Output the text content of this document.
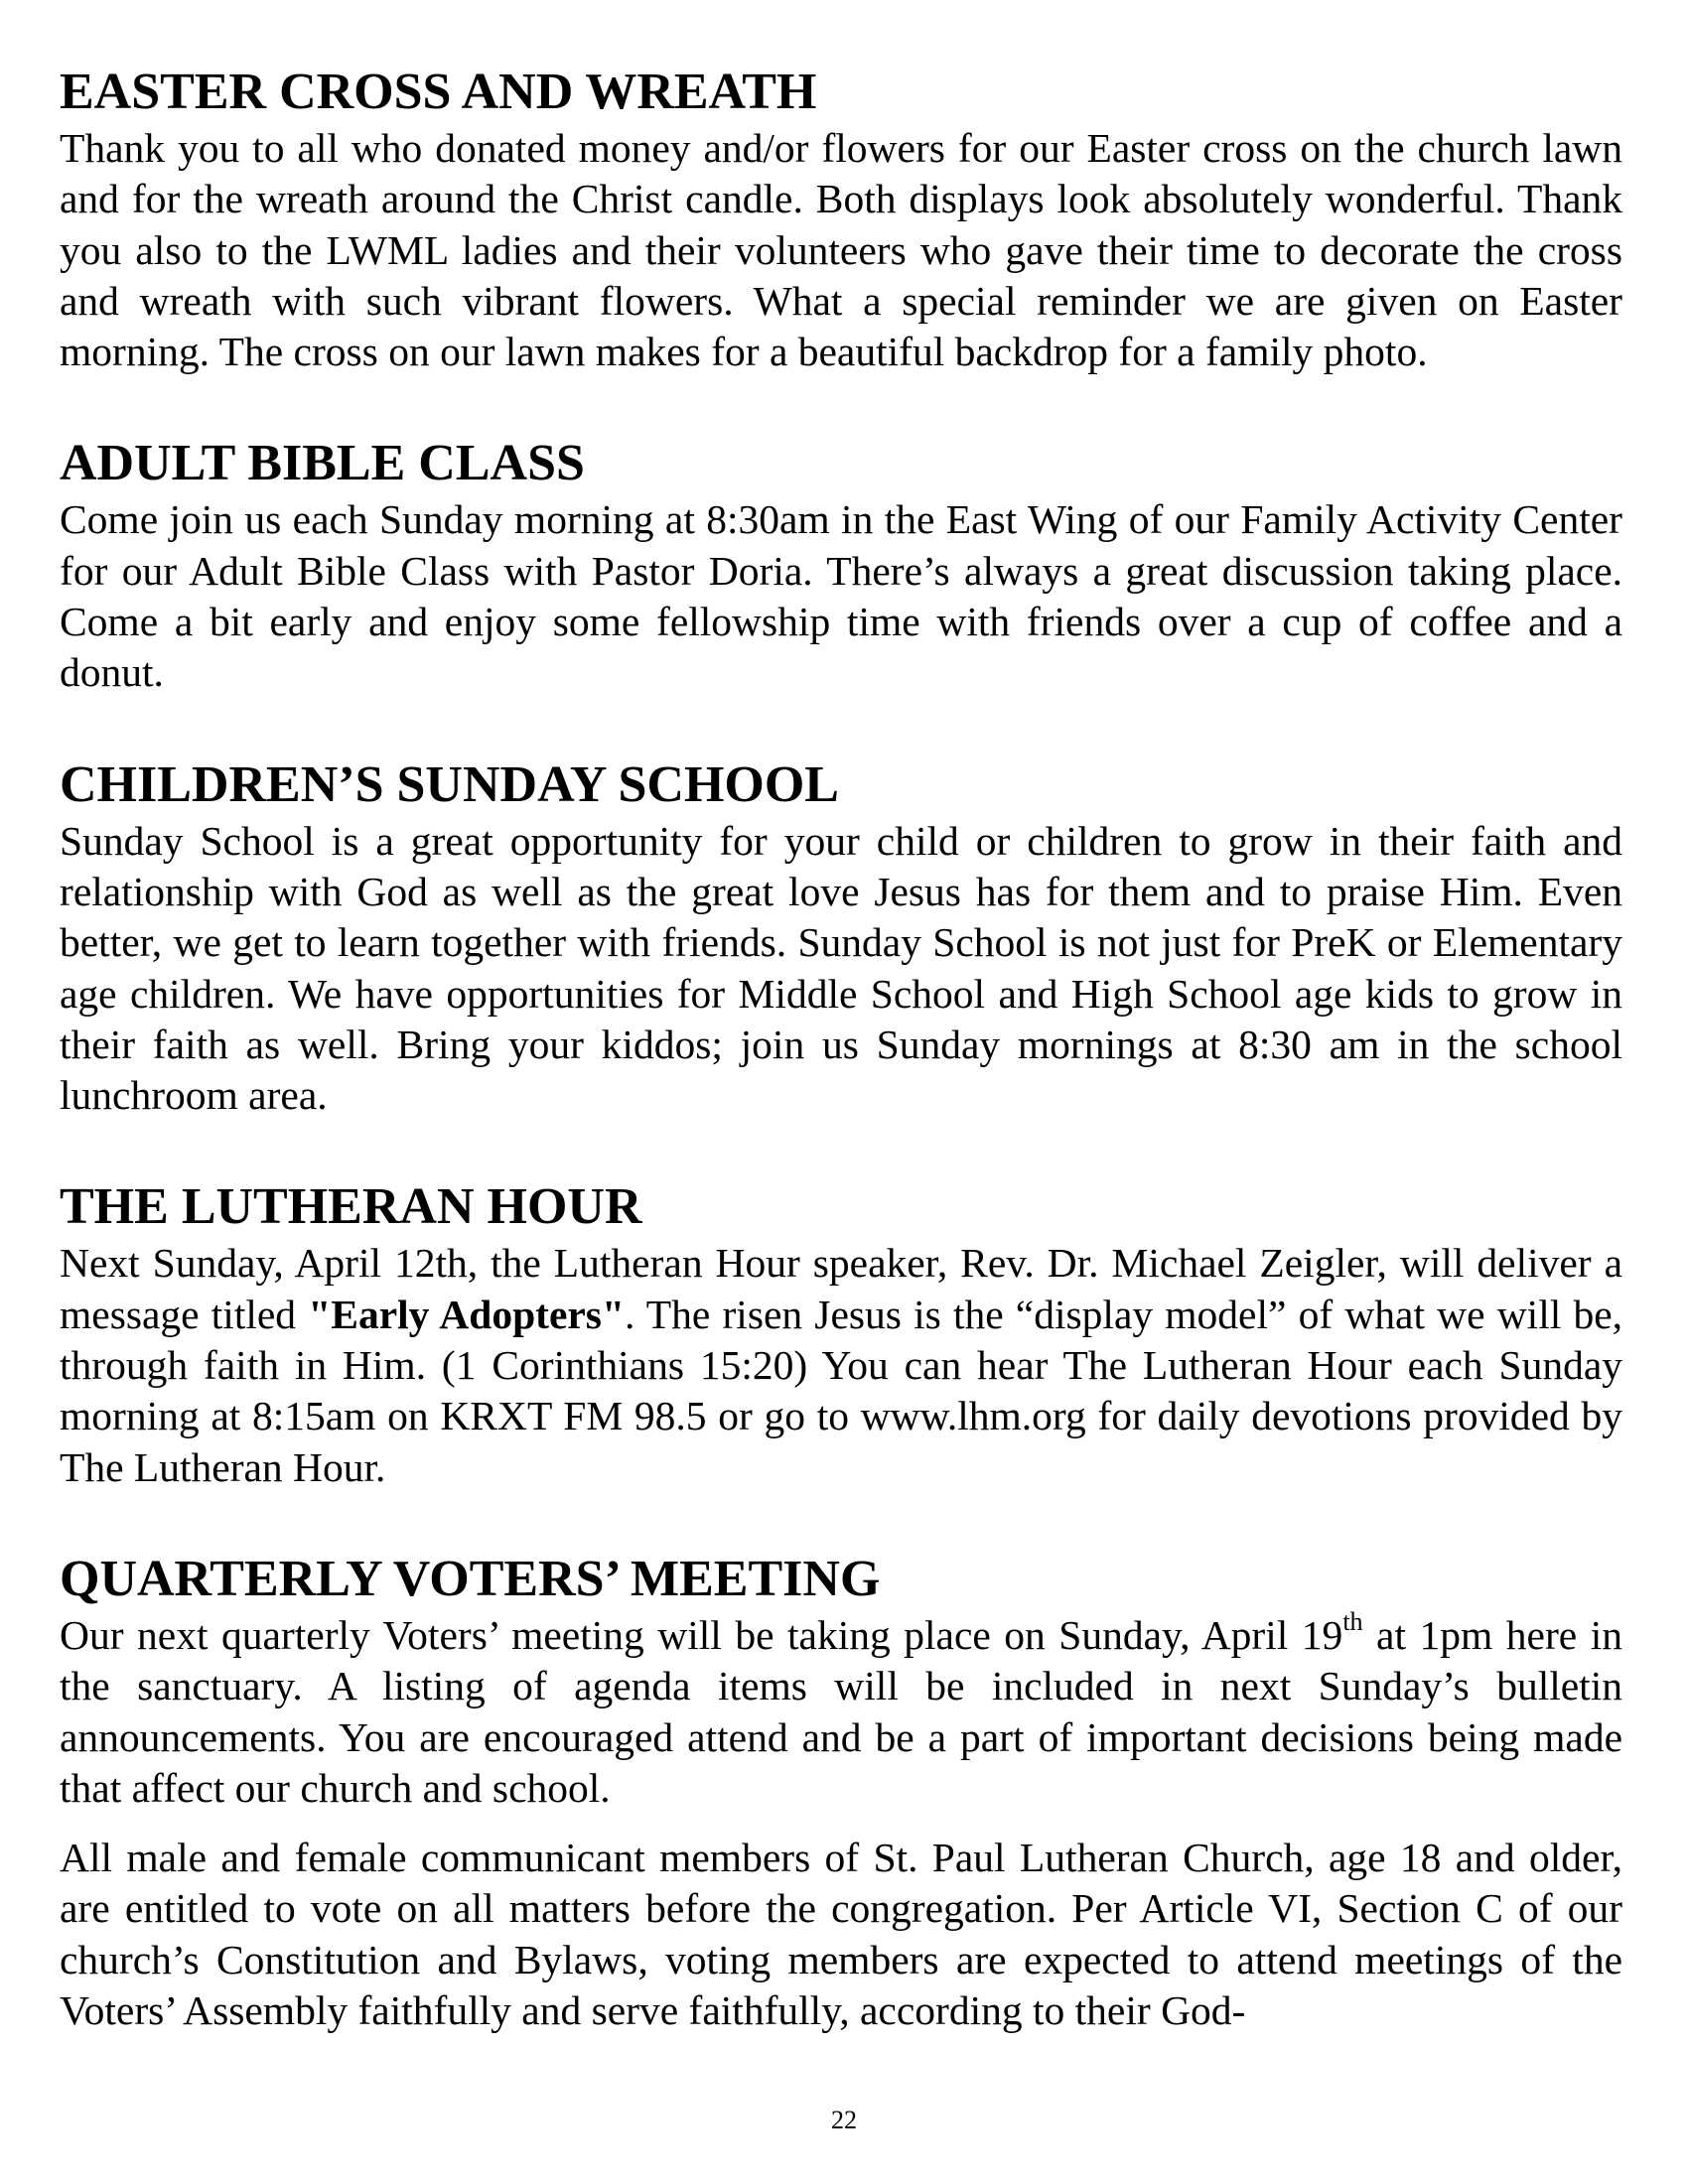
EASTER CROSS AND WREATH

Thank you to all who donated money and/or flowers for our Easter cross on the church lawn and for the wreath around the Christ candle. Both displays look absolutely wonderful. Thank you also to the LWML ladies and their volunteers who gave their time to decorate the cross and wreath with such vibrant flowers. What a special reminder we are given on Easter morning. The cross on our lawn makes for a beautiful backdrop for a family photo.

ADULT BIBLE CLASS

Come join us each Sunday morning at 8:30am in the East Wing of our Family Activity Center for our Adult Bible Class with Pastor Doria. There’s always a great discussion taking place. Come a bit early and enjoy some fellowship time with friends over a cup of coffee and a donut.

CHILDREN’S SUNDAY SCHOOL

Sunday School is a great opportunity for your child or children to grow in their faith and relationship with God as well as the great love Jesus has for them and to praise Him. Even better, we get to learn together with friends. Sunday School is not just for PreK or Elementary age children. We have opportunities for Middle School and High School age kids to grow in their faith as well. Bring your kiddos; join us Sunday mornings at 8:30 am in the school lunchroom area.

THE LUTHERAN HOUR

Next Sunday, April 12th, the Lutheran Hour speaker, Rev. Dr. Michael Zeigler, will deliver a message titled "Early Adopters". The risen Jesus is the “display model” of what we will be, through faith in Him. (1 Corinthians 15:20) You can hear The Lutheran Hour each Sunday morning at 8:15am on KRXT FM 98.5 or go to www.lhm.org for daily devotions provided by The Lutheran Hour.

QUARTERLY VOTERS’ MEETING

Our next quarterly Voters’ meeting will be taking place on Sunday, April 19th at 1pm here in the sanctuary. A listing of agenda items will be included in next Sunday’s bulletin announcements. You are encouraged attend and be a part of important decisions being made that affect our church and school.

All male and female communicant members of St. Paul Lutheran Church, age 18 and older, are entitled to vote on all matters before the congregation. Per Article VI, Section C of our church’s Constitution and Bylaws, voting members are expected to attend meetings of the Voters’ Assembly faithfully and serve faithfully, according to their God-

22
